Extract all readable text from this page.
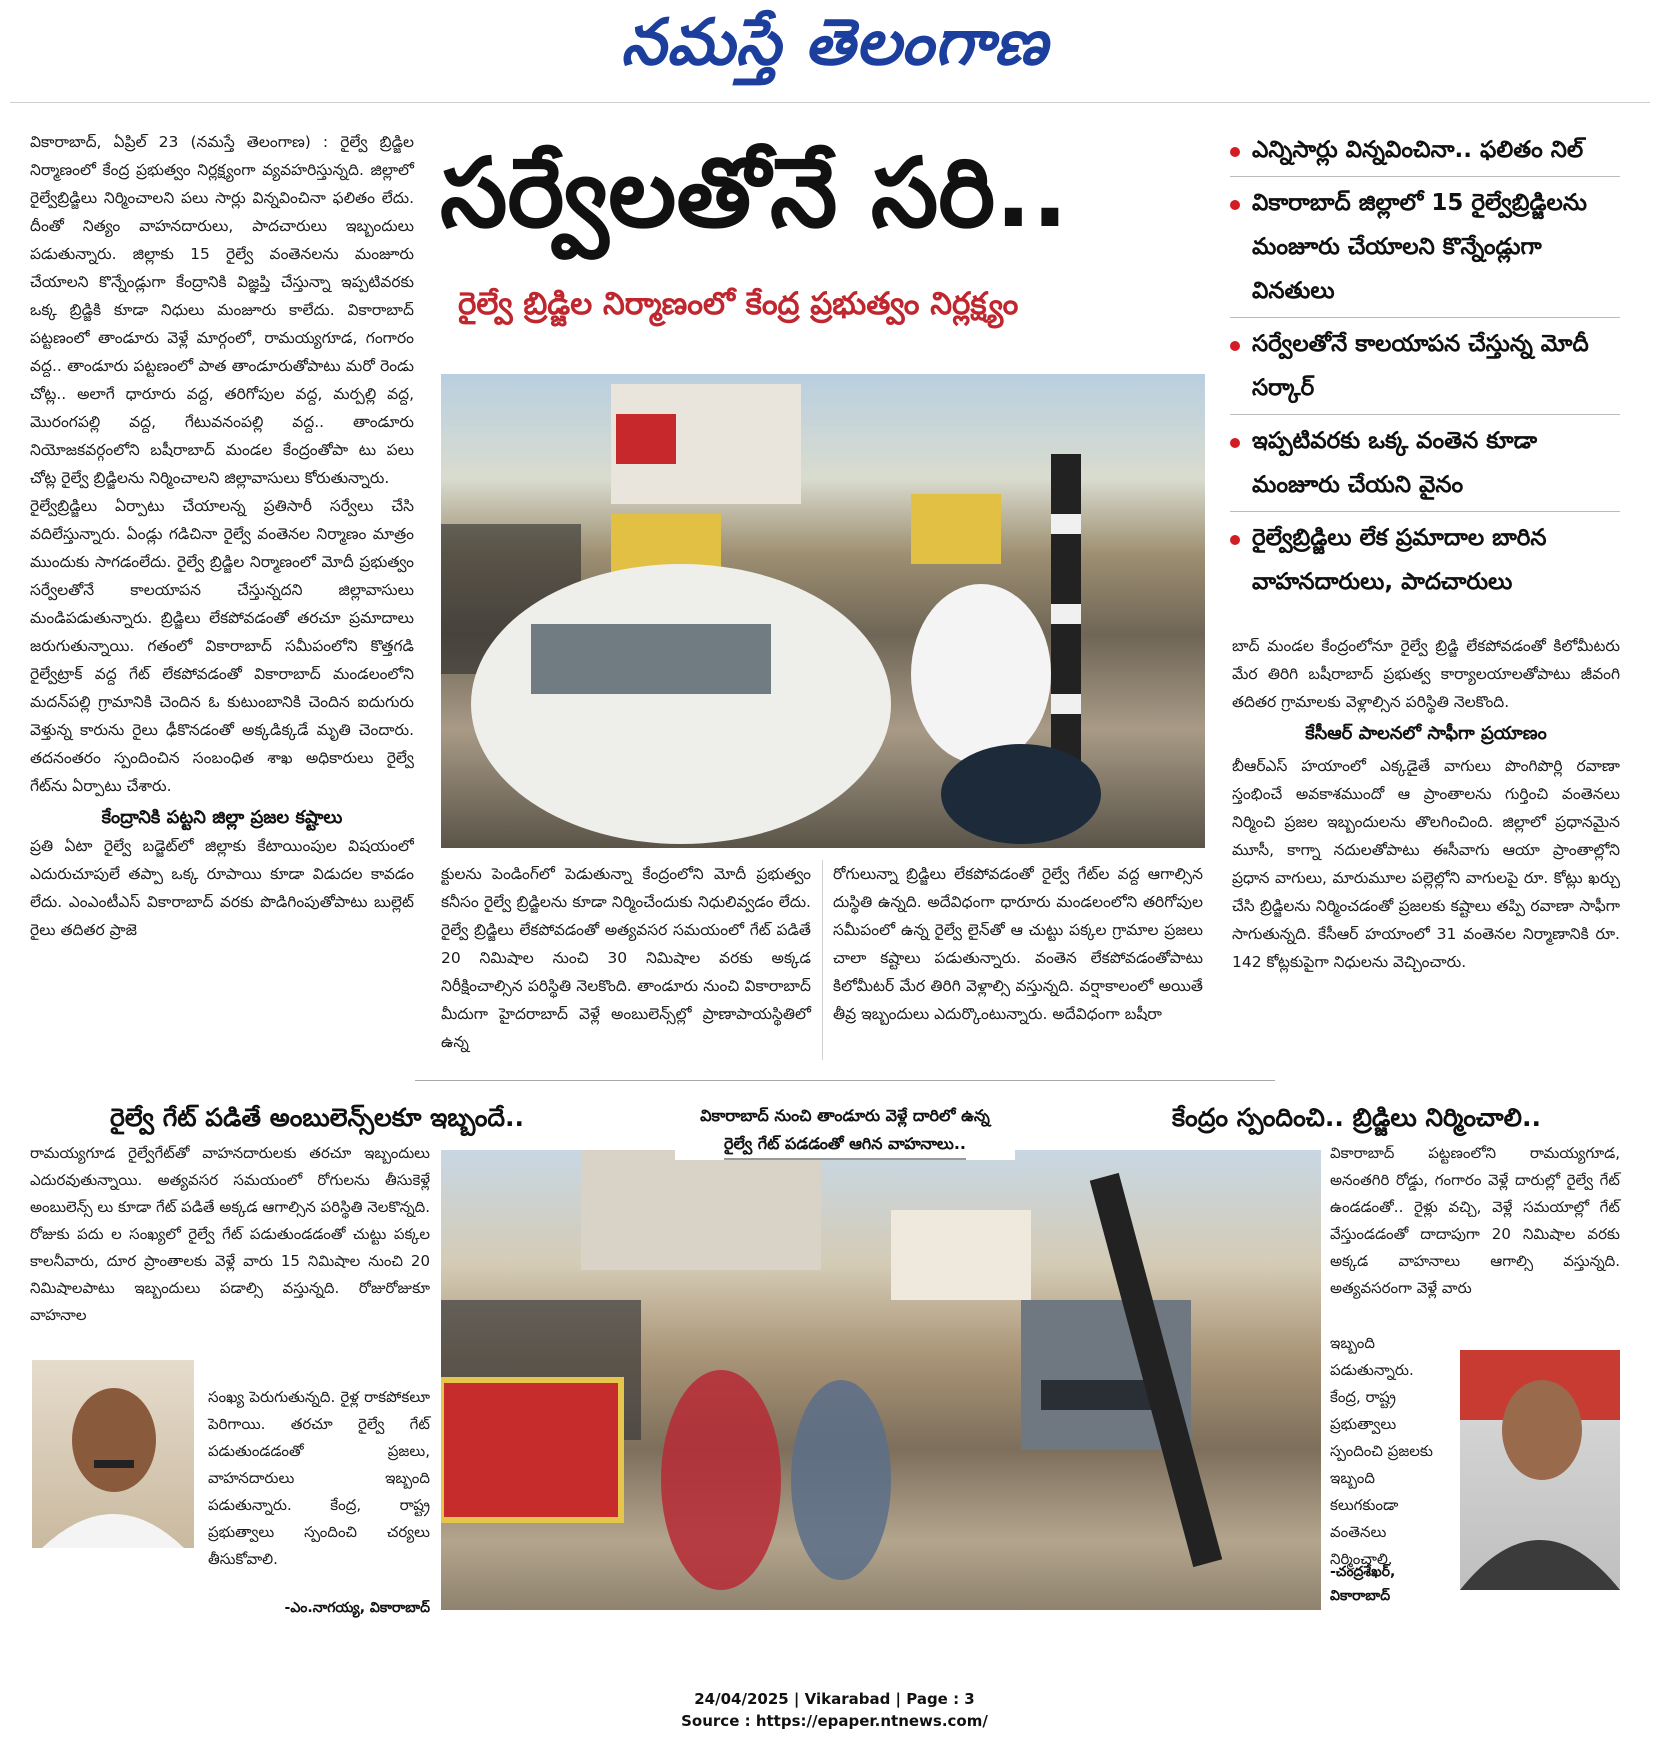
నమస్తే తెలంగాణ

వికారాబాద్, ఏప్రిల్ 23 (నమస్తే తెలంగాణ) : రైల్వే బ్రిడ్జిల నిర్మాణంలో కేంద్ర ప్రభుత్వం నిర్లక్ష్యంగా వ్యవహరిస్తున్నది. జిల్లాలో రైల్వేబ్రిడ్జిలు నిర్మించాలని పలు సార్లు విన్నవించినా ఫలితం లేదు. దీంతో నిత్యం వాహనదారులు, పాదచారులు ఇబ్బందులు పడుతున్నారు. జిల్లాకు 15 రైల్వే వంతెనలను మంజూరు చేయాలని కొన్నేండ్లుగా కేంద్రానికి విజ్ఞప్తి చేస్తున్నా ఇప్పటివరకు ఒక్క బ్రిడ్జికి కూడా నిధులు మంజూరు కాలేదు. వికారాబాద్ పట్టణంలో తాండూరు వెళ్లే మార్గంలో, రామయ్యగూడ, గంగారం వద్ద.. తాండూరు పట్టణంలో పాత తాండూరుతోపాటు మరో రెండు చోట్ల.. అలాగే ధారూరు వద్ద, తరిగోపుల వద్ద, మర్పల్లి వద్ద, మొరంగపల్లి వద్ద, గేటువనంపల్లి వద్ద.. తాండూరు నియోజకవర్గంలోని బషీరాబాద్ మండల కేంద్రంతోపా టు పలు చోట్ల రైల్వే బ్రిడ్జిలను నిర్మించాలని జిల్లావాసులు కోరుతున్నారు.

రైల్వేబ్రిడ్జిలు ఏర్పాటు చేయాలన్న ప్రతిసారీ సర్వేలు చేసి వదిలేస్తున్నారు. ఏండ్లు గడిచినా రైల్వే వంతెనల నిర్మాణం మాత్రం ముందుకు సాగడంలేదు. రైల్వే బ్రిడ్జిల నిర్మాణంలో మోదీ ప్రభుత్వం సర్వేలతోనే కాలయాపన చేస్తున్నదని జిల్లావాసులు మండిపడుతున్నారు. బ్రిడ్జిలు లేకపోవడంతో తరచూ ప్రమాదాలు జరుగుతున్నాయి. గతంలో వికారాబాద్ సమీపంలోని కొత్తగడి రైల్వేట్రాక్ వద్ద గేట్ లేకపోవడంతో వికారాబాద్ మండలంలోని మదన్‌పల్లి గ్రామానికి చెందిన ఓ కుటుంబానికి చెందిన ఐదుగురు వెళ్తున్న కారును రైలు ఢీకొనడంతో అక్కడిక్కడే మృతి చెందారు. తదనంతరం స్పందించిన సంబంధిత శాఖ అధికారులు రైల్వే గేట్‌ను ఏర్పాటు చేశారు.

కేంద్రానికి పట్టని జిల్లా ప్రజల కష్టాలు

ప్రతి ఏటా రైల్వే బడ్జెట్‌లో జిల్లాకు కేటాయింపుల విషయంలో ఎదురుచూపులే తప్పా ఒక్క రూపాయి కూడా విడుదల కావడం లేదు. ఎంఎంటీఎస్ వికారాబాద్ వరకు పొడిగింపుతోపాటు బుల్లెట్ రైలు తదితర ప్రాజె

సర్వేలతోనే సరి..
రైల్వే బ్రిడ్జిల నిర్మాణంలో కేంద్ర ప్రభుత్వం నిర్లక్ష్యం
క్టులను పెండింగ్‌లో పెడుతున్నా కేంద్రంలోని మోదీ ప్రభుత్వం కనీసం రైల్వే బ్రిడ్జిలను కూడా నిర్మించేందుకు నిధులివ్వడం లేదు. రైల్వే బ్రిడ్జిలు లేకపోవడంతో అత్యవసర సమయంలో గేట్ పడితే 20 నిమిషాల నుంచి 30 నిమిషాల వరకు అక్కడ నిరీక్షించాల్సిన పరిస్థితి నెలకొంది. తాండూరు నుంచి వికారాబాద్ మీదుగా హైదరాబాద్ వెళ్లే అంబులెన్స్‌ల్లో ప్రాణాపాయస్థితిలో ఉన్న
రోగులున్నా బ్రిడ్జిలు లేకపోవడంతో రైల్వే గేట్‌ల వద్ద ఆగాల్సిన దుస్థితి ఉన్నది. అదేవిధంగా ధారూరు మండలంలోని తరిగోపుల సమీపంలో ఉన్న రైల్వే లైన్‌తో ఆ చుట్టు పక్కల గ్రామాల ప్రజలు చాలా కష్టాలు పడుతున్నారు. వంతెన లేకపోవడంతోపాటు కిలోమీటర్ మేర తిరిగి వెళ్లాల్సి వస్తున్నది. వర్షాకాలంలో అయితే తీవ్ర ఇబ్బందులు ఎదుర్కొంటున్నారు. అదేవిధంగా బషీరా
ఎన్నిసార్లు విన్నవించినా.. ఫలితం నిల్
వికారాబాద్ జిల్లాలో 15 రైల్వేబ్రిడ్జిలను మంజూరు చేయాలని కొన్నేండ్లుగా వినతులు
సర్వేలతోనే కాలయాపన చేస్తున్న మోదీ సర్కార్
ఇప్పటివరకు ఒక్క వంతెన కూడా మంజూరు చేయని వైనం
రైల్వేబ్రిడ్జిలు లేక ప్రమాదాల బారిన వాహనదారులు, పాదచారులు

బాద్ మండల కేంద్రంలోనూ రైల్వే బ్రిడ్జి లేకపోవడంతో కిలోమీటరు మేర తిరిగి బషీరాబాద్ ప్రభుత్వ కార్యాలయాలతోపాటు జీవంగి తదితర గ్రామాలకు వెళ్లాల్సిన పరిస్థితి నెలకొంది.

కేసీఆర్ పాలనలో సాఫీగా ప్రయాణం

బీఆర్ఎస్ హయాంలో ఎక్కడైతే వాగులు పొంగిపొర్లి రవాణా స్తంభించే అవకాశముందో ఆ ప్రాంతాలను గుర్తించి వంతెనలు నిర్మించి ప్రజల ఇబ్బందులను తొలగించింది. జిల్లాలో ప్రధానమైన మూసీ, కాగ్నా నదులతోపాటు ఈసీవాగు ఆయా ప్రాంతాల్లోని ప్రధాన వాగులు, మారుమూల పల్లెల్లోని వాగులపై రూ. కోట్లు ఖర్చు చేసి బ్రిడ్జిలను నిర్మించడంతో ప్రజలకు కష్టాలు తప్పి రవాణా సాఫీగా సాగుతున్నది. కేసీఆర్ హయాంలో 31 వంతెనల నిర్మాణానికి రూ. 142 కోట్లకుపైగా నిధులను వెచ్చించారు.

రైల్వే గేట్ పడితే అంబులెన్స్‌లకూ ఇబ్బందే..
రామయ్యగూడ రైల్వేగేట్‌తో వాహనదారులకు తరచూ ఇబ్బందులు ఎదురవుతున్నాయి. అత్యవసర సమయంలో రోగులను తీసుకెళ్లే అంబులెన్స్ లు కూడా గేట్ పడితే అక్కడ ఆగాల్సిన పరిస్థితి నెలకొన్నది. రోజుకు పదు ల సంఖ్యలో రైల్వే గేట్ పడుతుండడంతో చుట్టు పక్కల కాలనీవారు, దూర ప్రాంతాలకు వెళ్లే వారు 15 నిమిషాల నుంచి 20 నిమిషాలపాటు ఇబ్బందులు పడాల్సి వస్తున్నది. రోజురోజుకూ వాహనాల
సంఖ్య పెరుగుతున్నది. రైళ్ల రాకపోకలూ పెరిగాయి. తరచూ రైల్వే గేట్ పడుతుండడంతో ప్రజలు, వాహనదారులు ఇబ్బంది పడుతున్నారు. కేంద్ర, రాష్ట్ర ప్రభుత్వాలు స్పందించి చర్యలు తీసుకోవాలి.
-ఎం.నాగయ్య, వికారాబాద్
వికారాబాద్ నుంచి తాండూరు వెళ్లే దారిలో ఉన్న
రైల్వే గేట్ పడడంతో ఆగిన వాహనాలు..
కేంద్రం స్పందించి.. బ్రిడ్జిలు నిర్మించాలి..
వికారాబాద్ పట్టణంలోని రామయ్యగూడ, అనంతగిరి రోడ్డు, గంగారం వెళ్లే దారుల్లో రైల్వే గేట్ ఉండడంతో.. రైళ్లు వచ్చి, వెళ్లే సమయాల్లో గేట్ వేస్తుండడంతో దాదాపుగా 20 నిమిషాల వరకు అక్కడ వాహనాలు ఆగాల్సి వస్తున్నది. అత్యవసరంగా వెళ్లే వారు
ఇబ్బంది పడుతున్నారు. కేంద్ర, రాష్ట్ర ప్రభుత్వాలు స్పందించి ప్రజలకు ఇబ్బంది కలుగకుండా వంతెనలు నిర్మించాలి.
-చంద్రశేఖర్,
వికారాబాద్
24/04/2025 | Vikarabad | Page : 3
Source : https://epaper.ntnews.com/
